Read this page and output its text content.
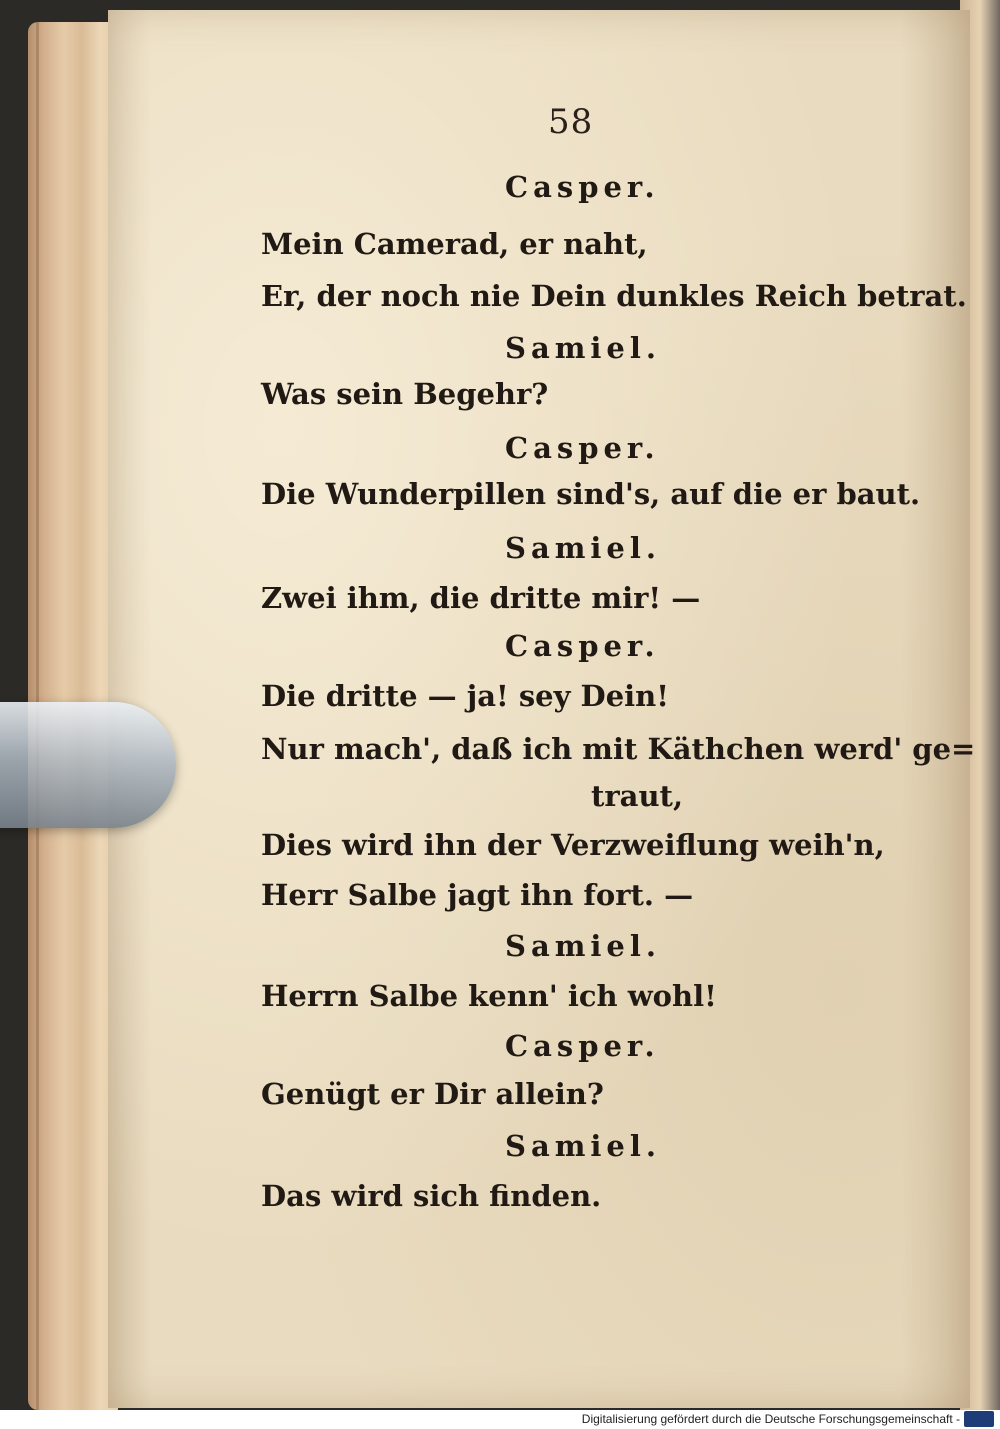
58
Casper.
Mein Camerad, er naht,
Er, der noch nie Dein dunkles Reich betrat.
Samiel.
Was sein Begehr?
Casper.
Die Wunderpillen sind's, auf die er baut.
Samiel.
Zwei ihm, die dritte mir! —
Casper.
Die dritte — ja! sey Dein!
Nur mach', daß ich mit Käthchen werd' ge=
traut,
Dies wird ihn der Verzweiflung weih'n,
Herr Salbe jagt ihn fort. —
Samiel.
Herrn Salbe kenn' ich wohl!
Casper.
Genügt er Dir allein?
Samiel.
Das wird sich finden.
Digitalisierung gefördert durch die Deutsche Forschungsgemeinschaft -
